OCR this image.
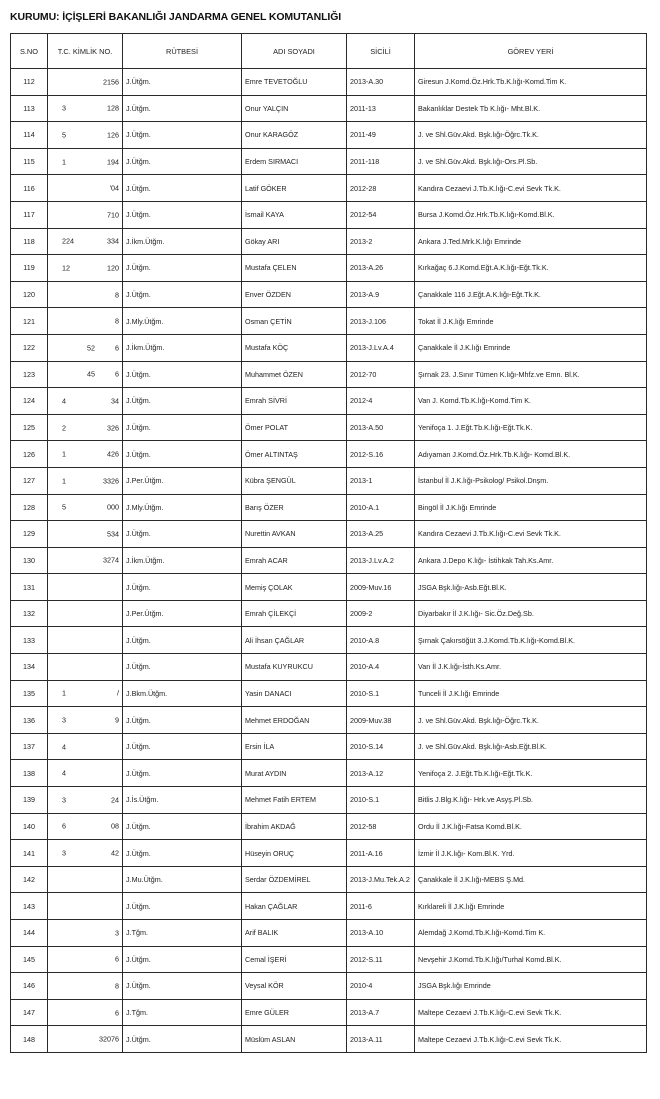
KURUMU: İÇİŞLERİ BAKANLIĞI JANDARMA GENEL KOMUTANLIĞI
S.NO	T.C. KİMLİK NO.	RÜTBESİ	ADI SOYADI	SİCİLİ	GÖREV YERİ
112	2156	J.Ütğm.	Emre TEVETOĞLU	2013-A.30	Giresun J.Komd.Öz.Hrk.Tb.K.lığı-Komd.Tim K.
113	3 128	J.Ütğm.	Onur YALÇIN	2011-13	Bakanlıklar Destek Tb K.lığı- Mht.Bl.K.
114	5 126	J.Ütğm.	Onur KARAGÖZ	2011-49	J. ve Shl.Güv.Akd. Bşk.lığı-Öğrc.Tk.K.
115	1 194	J.Ütğm.	Erdem SIRMACI	2011-118	J. ve Shl.Güv.Akd. Bşk.lığı-Ors.Pl.Sb.
116	'04	J.Ütğm.	Latif GÖKER	2012-28	Kandıra Cezaevi J.Tb.K.lığı-C.evi Sevk Tk.K.
117	710	J.Ütğm.	İsmail KAYA	2012-54	Bursa J.Komd.Öz.Hrk.Tb.K.lığı-Komd.Bl.K.
118	224 334	J.İkm.Ütğm.	Gökay ARI	2013-2	Ankara J.Ted.Mrk.K.lığı Emrinde
119	12 120	J.Ütğm.	Mustafa ÇELEN	2013-A.26	Kırkağaç 6.J.Komd.Eğt.A.K.lığı-Eğt.Tk.K.
120	8	J.Ütğm.	Enver ÖZDEN	2013-A.9	Çanakkale 116 J.Eğt.A.K.lığı-Eğt.Tk.K.
121	8	J.Mly.Ütğm.	Osman ÇETİN	2013-J.106	Tokat İl J.K.lığı Emrinde
122	52 6	J.İkm.Ütğm.	Mustafa KÖÇ	2013-J.Lv.A.4	Çanakkale İl J.K.lığı Emrinde
123	45 6	J.Ütğm.	Muhammet ÖZEN	2012-70	Şırnak 23. J.Sınır Tümen K.lığı-Mhfz.ve Emn. Bl.K.
124	4 34	J.Ütğm.	Emrah SİVRİ	2012-4	Van J. Komd.Tb.K.lığı-Komd.Tim K.
125	2 326	J.Ütğm.	Ömer POLAT	2013-A.50	Yenifoça 1. J.Eğt.Tb.K.lığı-Eğt.Tk.K.
126	1 426	J.Ütğm.	Ömer ALTINTAŞ	2012-S.16	Adıyaman J.Komd.Öz.Hrk.Tb.K.lığı- Komd.Bl.K.
127	1 3326	J.Per.Ütğm.	Kübra ŞENGÜL	2013-1	İstanbul İl J.K.lığı-Psikolog/ Psikol.Dnşm.
128	5 000	J.Mly.Ütğm.	Barış ÖZER	2010-A.1	Bingöl İl J.K.lığı Emrinde
129	534	J.Ütğm.	Nurettin AVKAN	2013-A.25	Kandıra Cezaevi J.Tb.K.lığı-C.evi Sevk Tk.K.
130	3274	J.İkm.Ütğm.	Emrah ACAR	2013-J.Lv.A.2	Ankara J.Depo K.lığı- İstihkak Tah.Ks.Amr.
131		J.Ütğm.	Memiş ÇOLAK	2009-Muv.16	JSGA Bşk.lığı-Asb.Eğt.Bl.K.
132		J.Per.Ütğm.	Emrah ÇİLEKÇİ	2009-2	Diyarbakır İl J.K.lığı- Sic.Öz.Değ.Sb.
133		J.Ütğm.	Ali İhsan ÇAĞLAR	2010-A.8	Şırnak Çakırsöğüt 3.J.Komd.Tb.K.lığı-Komd.Bl.K.
134		J.Ütğm.	Mustafa KUYRUKCU	2010-A.4	Van İl J.K.lığı-İsth.Ks.Amr.
135	1 /	J.Bkm.Ütğm.	Yasin DANACI	2010-S.1	Tunceli İl J.K.lığı Emrinde
136	3 9	J.Ütğm.	Mehmet ERDOĞAN	2009-Muv.38	J. ve Shl.Güv.Akd. Bşk.lığı-Öğrc.Tk.K.
137	4	J.Ütğm.	Ersin İLA	2010-S.14	J. ve Shl.Güv.Akd. Bşk.lığı-Asb.Eğt.Bl.K.
138	4	J.Ütğm.	Murat AYDIN	2013-A.12	Yenifoça 2. J.Eğt.Tb.K.lığı-Eğt.Tk.K.
139	3 24	J.İs.Ütğm.	Mehmet Fatih ERTEM	2010-S.1	Bitlis J.Blg.K.lığı- Hrk.ve Asyş.Pl.Sb.
140	6 08	J.Ütğm.	İbrahim AKDAĞ	2012-58	Ordu İl J.K.lığı-Fatsa Komd.Bl.K.
141	3 42	J.Ütğm.	Hüseyin ORUÇ	2011-A.16	İzmir İl J.K.lığı- Kom.Bl.K. Yrd.
142		J.Mu.Ütğm.	Serdar ÖZDEMİREL	2013-J.Mu.Tek.A.2	Çanakkale İl J.K.lığı-MEBS Ş.Md.
143		J.Ütğm.	Hakan ÇAĞLAR	2011-6	Kırklareli İl J.K.lığı Emrinde
144	3	J.Tğm.	Arif BALIK	2013-A.10	Alemdağ J.Komd.Tb.K.lığı-Komd.Tim K.
145	6	J.Ütğm.	Cemal İŞERİ	2012-S.11	Nevşehir J.Komd.Tb.K.lığı/Turhal Komd.Bl.K.
146	8	J.Ütğm.	Veysal KÖR	2010-4	JSGA Bşk.lığı Emrinde
147	6	J.Tğm.	Emre GÜLER	2013-A.7	Maltepe Cezaevi J.Tb.K.lığı-C.evi Sevk Tk.K.
148	32076	J.Ütğm.	Müslüm ASLAN	2013-A.11	Maltepe Cezaevi J.Tb.K.lığı-C.evi Sevk Tk.K.
